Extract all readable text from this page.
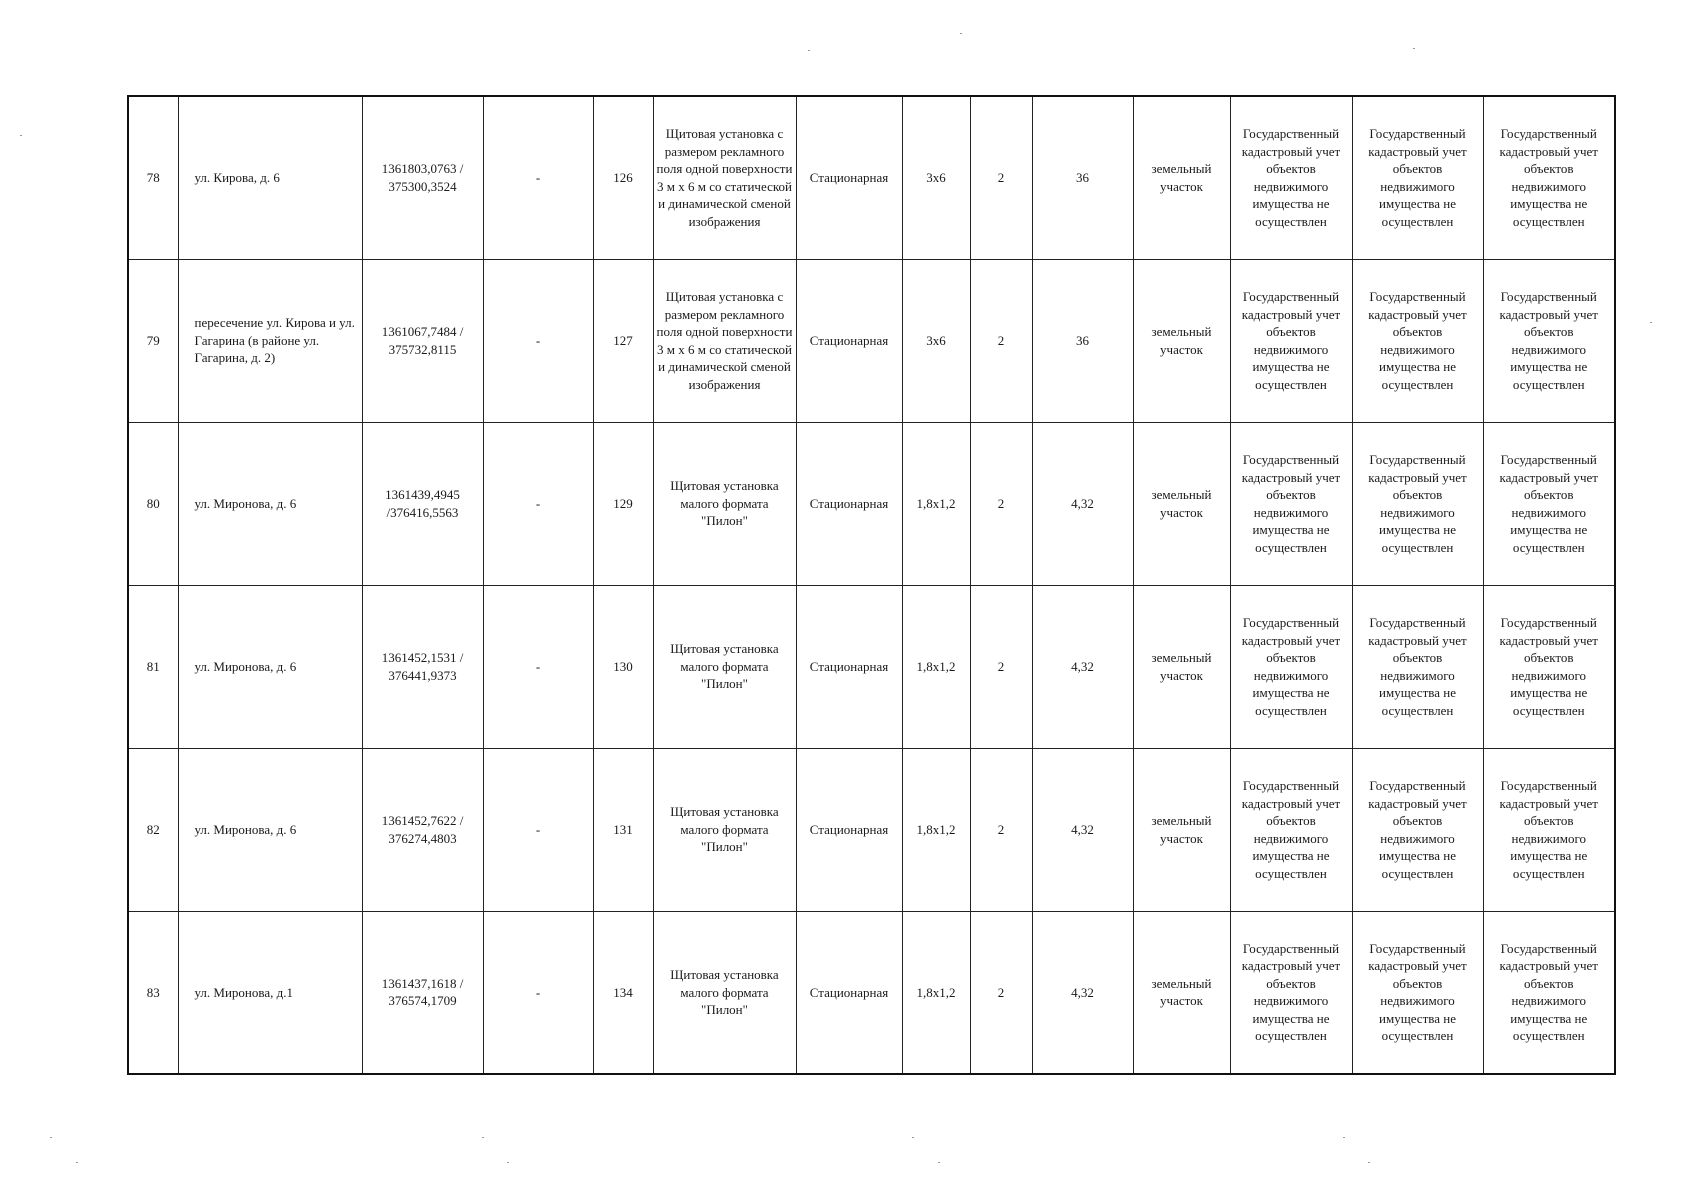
78	ул. Кирова, д. 6	1361803,0763 / 375300,3524	-	126	Щитовая установка с размером рекламного поля одной поверхности 3 м х 6 м со статической и динамической сменой изображения	Стационарная	3х6	2	36	земельный участок	Государственный кадастровый учет объектов недвижимого имущества не осуществлен	Государственный кадастровый учет объектов недвижимого имущества не осуществлен	Государственный кадастровый учет объектов недвижимого имущества не осуществлен
79	пересечение ул. Кирова и ул. Гагарина (в районе ул. Гагарина, д. 2)	1361067,7484 / 375732,8115	-	127	Щитовая установка с размером рекламного поля одной поверхности 3 м х 6 м со статической и динамической сменой изображения	Стационарная	3х6	2	36	земельный участок	Государственный кадастровый учет объектов недвижимого имущества не осуществлен	Государственный кадастровый учет объектов недвижимого имущества не осуществлен	Государственный кадастровый учет объектов недвижимого имущества не осуществлен
80	ул. Миронова, д. 6	1361439,4945 /376416,5563	-	129	Щитовая установка малого формата "Пилон"	Стационарная	1,8х1,2	2	4,32	земельный участок	Государственный кадастровый учет объектов недвижимого имущества не осуществлен	Государственный кадастровый учет объектов недвижимого имущества не осуществлен	Государственный кадастровый учет объектов недвижимого имущества не осуществлен
81	ул. Миронова, д. 6	1361452,1531 / 376441,9373	-	130	Щитовая установка малого формата "Пилон"	Стационарная	1,8х1,2	2	4,32	земельный участок	Государственный кадастровый учет объектов недвижимого имущества не осуществлен	Государственный кадастровый учет объектов недвижимого имущества не осуществлен	Государственный кадастровый учет объектов недвижимого имущества не осуществлен
82	ул. Миронова, д. 6	1361452,7622 / 376274,4803	-	131	Щитовая установка малого формата "Пилон"	Стационарная	1,8х1,2	2	4,32	земельный участок	Государственный кадастровый учет объектов недвижимого имущества не осуществлен	Государственный кадастровый учет объектов недвижимого имущества не осуществлен	Государственный кадастровый учет объектов недвижимого имущества не осуществлен
83	ул. Миронова, д.1	1361437,1618 / 376574,1709	-	134	Щитовая установка малого формата "Пилон"	Стационарная	1,8х1,2	2	4,32	земельный участок	Государственный кадастровый учет объектов недвижимого имущества не осуществлен	Государственный кадастровый учет объектов недвижимого имущества не осуществлен	Государственный кадастровый учет объектов недвижимого имущества не осуществлен
